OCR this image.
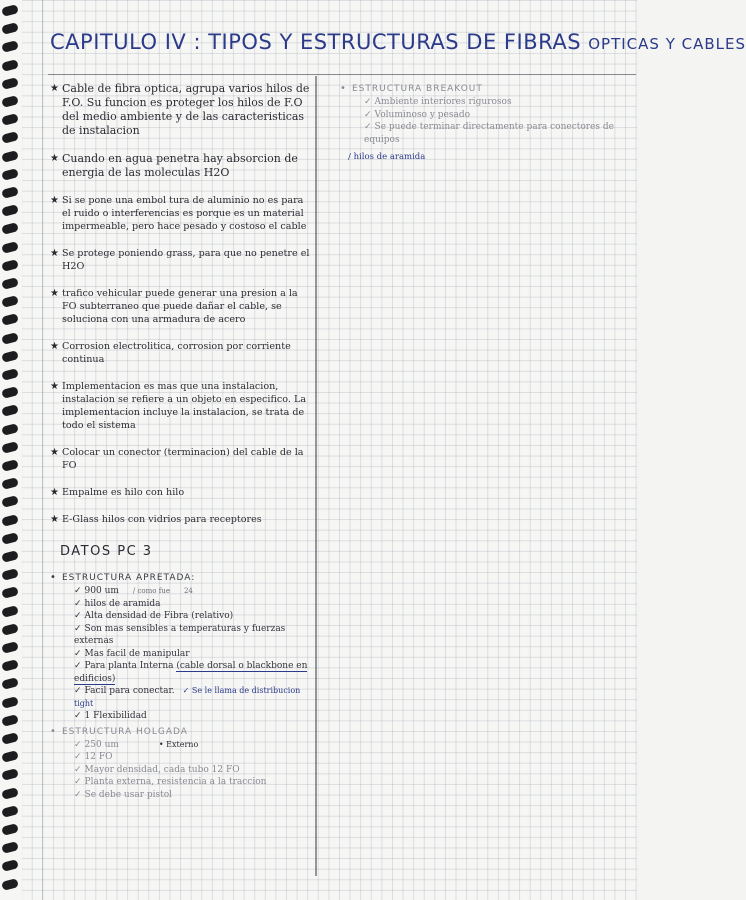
CAPITULO IV : TIPOS Y ESTRUCTURAS DE FIBRAS OPTICAS Y CABLES
★ Cable de fibra optica, agrupa varios hilos de F.O. Su funcion es proteger los hilos de F.O del medio ambiente y de las caracteristicas de instalacion
★ Cuando en agua penetra hay absorcion de energia de las moleculas H2O
★ Si se pone una embol tura de aluminio no es para el ruido o interferencias es porque es un material impermeable, pero hace pesado y costoso el cable
★ Se protege poniendo grass, para que no penetre el H2O
★ trafico vehicular puede generar una presion a la FO subterraneo que puede dañar el cable, se soluciona con una armadura de acero
★ Corrosion electrolitica, corrosion por corriente continua
★ Implementacion es mas que una instalacion, instalacion se refiere a un objeto en especifico. La implementacion incluye la instalacion, se trata de todo el sistema
★ Colocar un conector (terminacion) del cable de la FO
★ Empalme es hilo con hilo
★ E-Glass hilos con vidrios para receptores
DATOS PC 3
• ESTRUCTURA APRETADA:
✓ 900 um / como fue 24
✓ hilos de aramida
✓ Alta densidad de Fibra (relativo)
✓ Son mas sensibles a temperaturas y fuerzas externas
✓ Mas facil de manipular
✓ Para planta Interna (cable dorsal o blackbone en edificios)
✓ Facil para conectar. ✓ Se le llama de distribucion tight
✓ 1 Flexibilidad
• ESTRUCTURA HOLGADA
✓ 250 um	• Externo
✓ 12 FO
✓ Mayor densidad, cada tubo 12 FO
✓ Planta externa, resistencia a la traccion
✓ Se debe usar pistol
• ESTRUCTURA BREAKOUT
✓ Ambiente interiores rigurosos
✓ Voluminoso y pesado
✓ Se puede terminar directamente para conectores de equipos
/ hilos de aramida
